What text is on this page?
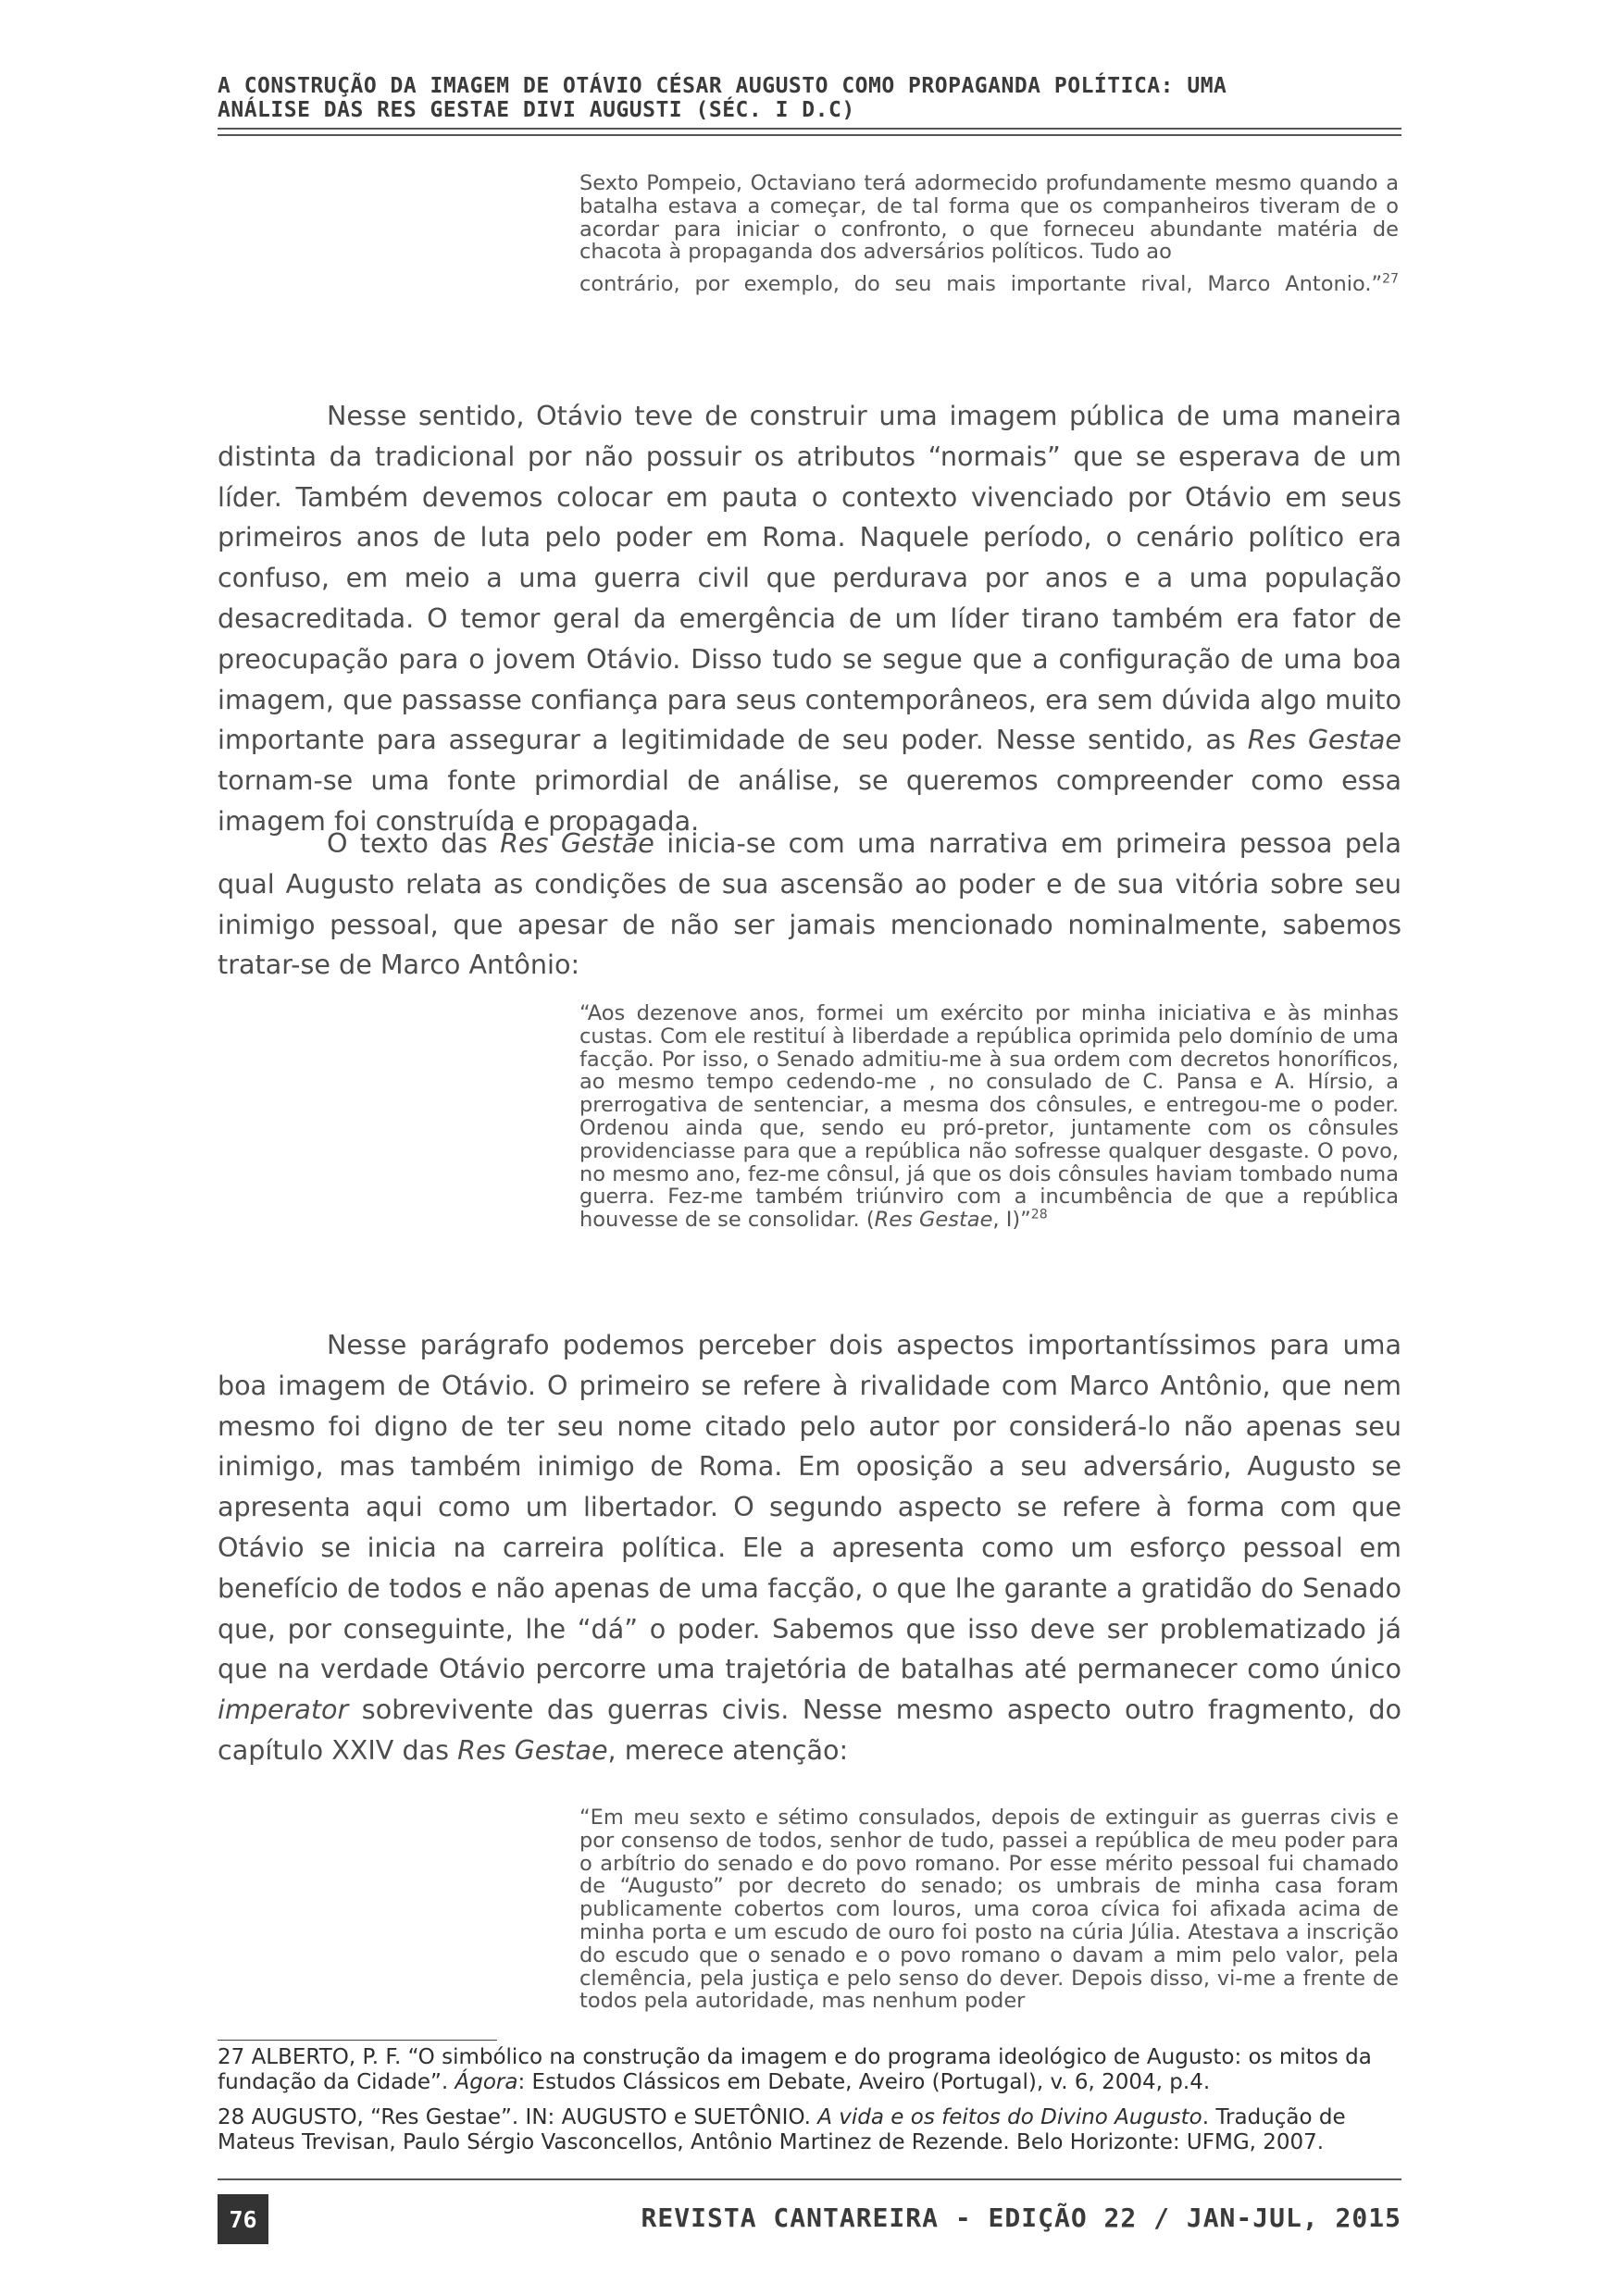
A CONSTRUÇÃO DA IMAGEM DE OTÁVIO CÉSAR AUGUSTO COMO PROPAGANDA POLÍTICA: UMA
ANÁLISE DAS RES GESTAE DIVI AUGUSTI (SÉC. I D.C)
Sexto Pompeio, Octaviano terá adormecido profundamente mesmo quando a batalha estava a começar, de tal forma que os companheiros tiveram de o acordar para iniciar o confronto, o que forneceu abundante matéria de chacota à propaganda dos adversários políticos. Tudo ao
contrário, por exemplo, do seu mais importante rival, Marco Antonio.”$^{27}$
Nesse sentido, Otávio teve de construir uma imagem pública de uma maneira distinta da tradicional por não possuir os atributos “normais” que se esperava de um líder. Também devemos colocar em pauta o contexto vivenciado por Otávio em seus primeiros anos de luta pelo poder em Roma. Naquele período, o cenário político era confuso, em meio a uma guerra civil que perdurava por anos e a uma população desacreditada. O temor geral da emergência de um líder tirano também era fator de preocupação para o jovem Otávio. Disso tudo se segue que a configuração de uma boa imagem, que passasse confiança para seus contemporâneos, era sem dúvida algo muito importante para assegurar a legitimidade de seu poder. Nesse sentido, as Res Gestae tornam-se uma fonte primordial de análise, se queremos compreender como essa imagem foi construída e propagada.
O texto das Res Gestae inicia-se com uma narrativa em primeira pessoa pela qual Augusto relata as condições de sua ascensão ao poder e de sua vitória sobre seu inimigo pessoal, que apesar de não ser jamais mencionado nominalmente, sabemos tratar-se de Marco Antônio:
“Aos dezenove anos, formei um exército por minha iniciativa e às minhas custas. Com ele restituí à liberdade a república oprimida pelo domínio de uma facção. Por isso, o Senado admitiu-me à sua ordem com decretos honoríficos, ao mesmo tempo cedendo-me , no consulado de C. Pansa e A. Hírsio, a prerrogativa de sentenciar, a mesma dos cônsules, e entregou-me o poder. Ordenou ainda que, sendo eu pró-pretor, juntamente com os cônsules providenciasse para que a república não sofresse qualquer desgaste. O povo, no mesmo ano, fez-me cônsul, já que os dois cônsules haviam tombado numa guerra. Fez-me também triúnviro com a incumbência de que a república houvesse de se consolidar. (Res Gestae, I)”$^{28}$
Nesse parágrafo podemos perceber dois aspectos importantíssimos para uma boa imagem de Otávio. O primeiro se refere à rivalidade com Marco Antônio, que nem mesmo foi digno de ter seu nome citado pelo autor por considerá-lo não apenas seu inimigo, mas também inimigo de Roma. Em oposição a seu adversário, Augusto se apresenta aqui como um libertador. O segundo aspecto se refere à forma com que Otávio se inicia na carreira política. Ele a apresenta como um esforço pessoal em benefício de todos e não apenas de uma facção, o que lhe garante a gratidão do Senado que, por conseguinte, lhe “dá” o poder. Sabemos que isso deve ser problematizado já que na verdade Otávio percorre uma trajetória de batalhas até permanecer como único imperator sobrevivente das guerras civis. Nesse mesmo aspecto outro fragmento, do capítulo XXIV das Res Gestae, merece atenção:
“Em meu sexto e sétimo consulados, depois de extinguir as guerras civis e por consenso de todos, senhor de tudo, passei a república de meu poder para o arbítrio do senado e do povo romano. Por esse mérito pessoal fui chamado de “Augusto” por decreto do senado; os umbrais de minha casa foram publicamente cobertos com louros, uma coroa cívica foi afixada acima de minha porta e um escudo de ouro foi posto na cúria Júlia. Atestava a inscrição do escudo que o senado e o povo romano o davam a mim pelo valor, pela clemência, pela justiça e pelo senso do dever. Depois disso, vi-me a frente de todos pela autoridade, mas nenhum poder
27 ALBERTO, P. F. “O simbólico na construção da imagem e do programa ideológico de Augusto: os mitos da fundação da Cidade”. Ágora: Estudos Clássicos em Debate, Aveiro (Portugal), v. 6, 2004, p.4.
28 AUGUSTO, “Res Gestae”. IN: AUGUSTO e SUETÔNIO. A vida e os feitos do Divino Augusto. Tradução de Mateus Trevisan, Paulo Sérgio Vasconcellos, Antônio Martinez de Rezende. Belo Horizonte: UFMG, 2007.
76	REVISTA CANTAREIRA - EDIÇÃO 22 / JAN-JUL, 2015
